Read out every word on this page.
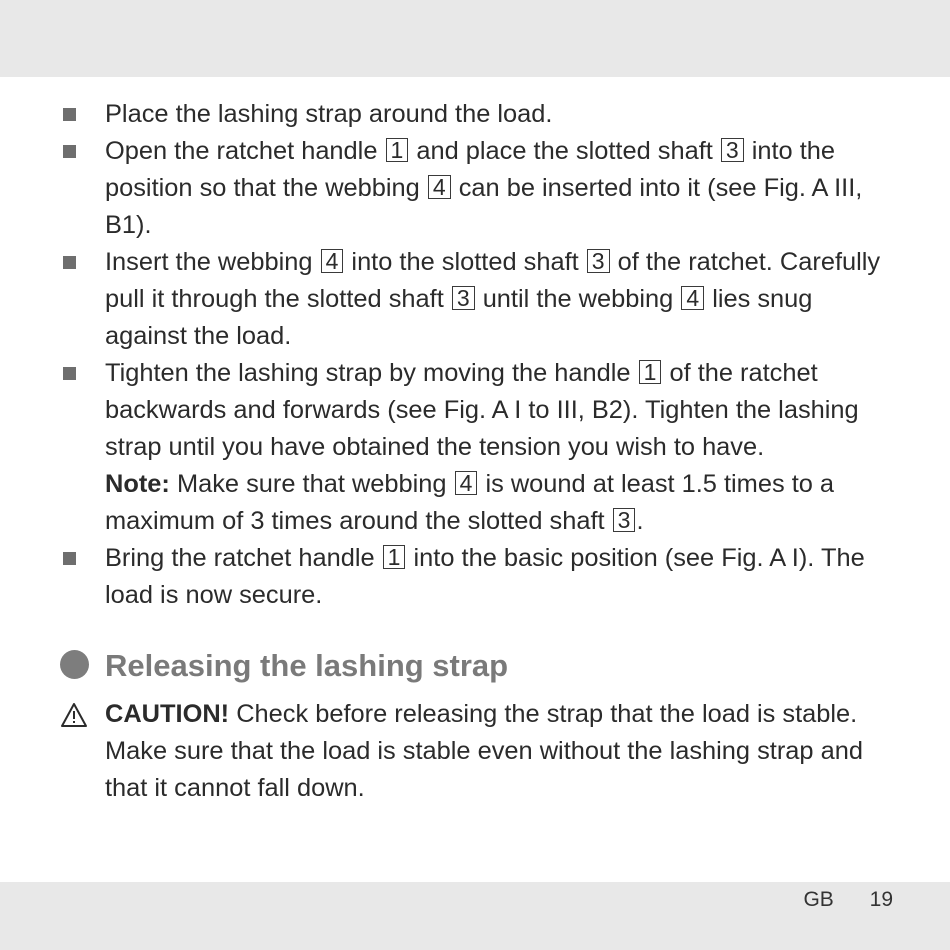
Place the lashing strap around the load.
Open the ratchet handle 1 and place the slotted shaft 3 into the position so that the webbing 4 can be inserted into it (see Fig. A III, B1).
Insert the webbing 4 into the slotted shaft 3 of the ratchet. Carefully pull it through the slotted shaft 3 until the webbing 4 lies snug against the load.
Tighten the lashing strap by moving the handle 1 of the ratchet backwards and forwards (see Fig. A I to III, B2). Tighten the lashing strap until you have obtained the tension you wish to have.
Note: Make sure that webbing 4 is wound at least 1.5 times to a maximum of 3 times around the slotted shaft 3 .
Bring the ratchet handle 1 into the basic position (see Fig. A I). The load is now secure.
Releasing the lashing strap
CAUTION! Check before releasing the strap that the load is stable. Make sure that the load is stable even without the lashing strap and that it cannot fall down.
GB 19
